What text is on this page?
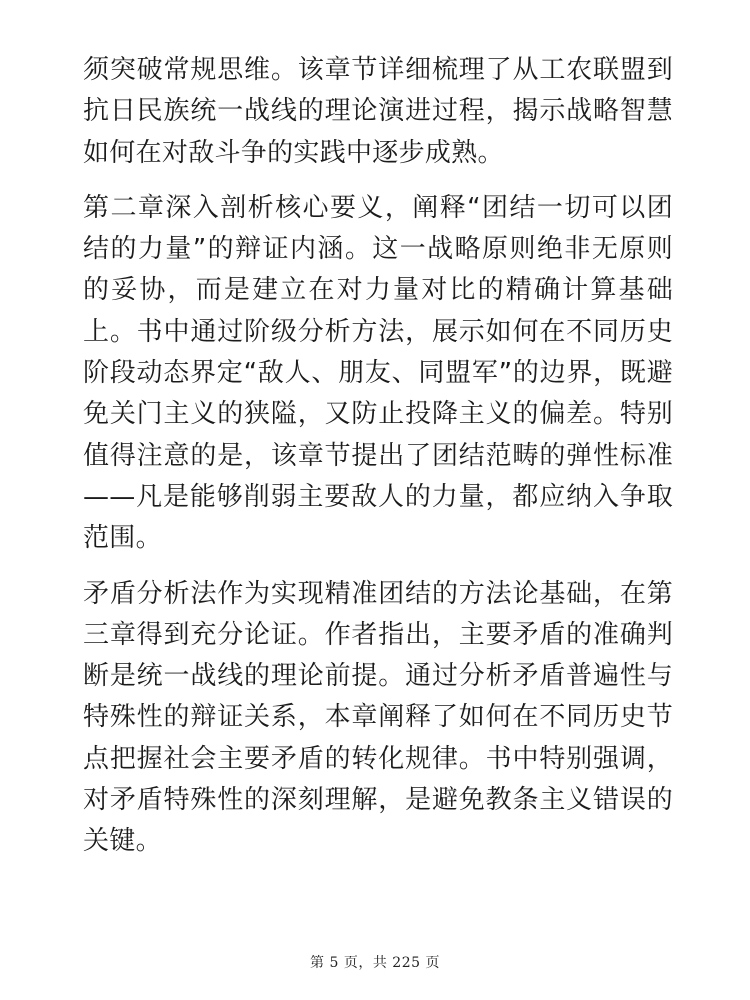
须突破常规思维。该章节详细梳理了从工农联盟到抗日民族统一战线的理论演进过程，揭示战略智慧如何在对敌斗争的实践中逐步成熟。

第二章深入剖析核心要义，阐释“团结一切可以团结的力量”的辩证内涵。这一战略原则绝非无原则的妥协，而是建立在对力量对比的精确计算基础上。书中通过阶级分析方法，展示如何在不同历史阶段动态界定“敌人、朋友、同盟军”的边界，既避免关门主义的狭隘，又防止投降主义的偏差。特别值得注意的是，该章节提出了团结范畴的弹性标准——凡是能够削弱主要敌人的力量，都应纳入争取范围。

矛盾分析法作为实现精准团结的方法论基础，在第三章得到充分论证。作者指出，主要矛盾的准确判断是统一战线的理论前提。通过分析矛盾普遍性与特殊性的辩证关系，本章阐释了如何在不同历史节点把握社会主要矛盾的转化规律。书中特别强调，对矛盾特殊性的深刻理解，是避免教条主义错误的关键。

第 5 页，共 225 页
